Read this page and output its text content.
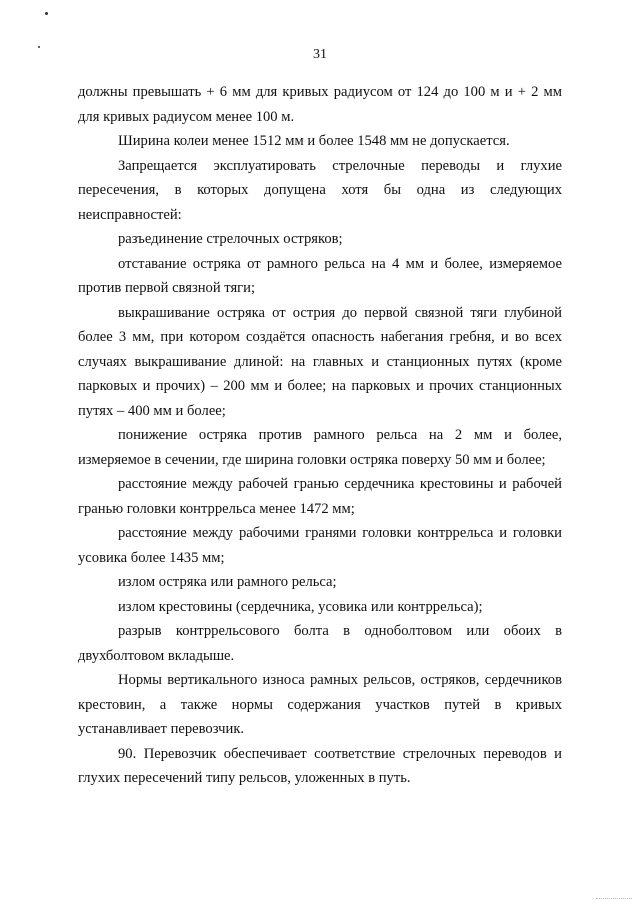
31

должны превышать + 6 мм для кривых радиусом от 124 до 100 м и + 2 мм для кривых радиусом менее 100 м.

Ширина колеи менее 1512 мм и более 1548 мм не допускается.

Запрещается эксплуатировать стрелочные переводы и глухие пересечения, в которых допущена хотя бы одна из следующих неисправностей:

разъединение стрелочных остряков;

отставание остряка от рамного рельса на 4 мм и более, измеряемое против первой связной тяги;

выкрашивание остряка от острия до первой связной тяги глубиной более 3 мм, при котором создаётся опасность набегания гребня, и во всех случаях выкрашивание длиной: на главных и станционных путях (кроме парковых и прочих) – 200 мм и более; на парковых и прочих станционных путях – 400 мм и более;

понижение остряка против рамного рельса на 2 мм и более, измеряемое в сечении, где ширина головки остряка поверху 50 мм и более;

расстояние между рабочей гранью сердечника крестовины и рабочей гранью головки контррельса менее 1472 мм;

расстояние между рабочими гранями головки контррельса и головки усовика более 1435 мм;

излом остряка или рамного рельса;

излом крестовины (сердечника, усовика или контррельса);

разрыв контррельсового болта в одноболтовом или обоих в двухболтовом вкладыше.

Нормы вертикального износа рамных рельсов, остряков, сердечников крестовин, а также нормы содержания участков путей в кривых устанавливает перевозчик.

90. Перевозчик обеспечивает соответствие стрелочных переводов и глухих пересечений типу рельсов, уложенных в путь.
